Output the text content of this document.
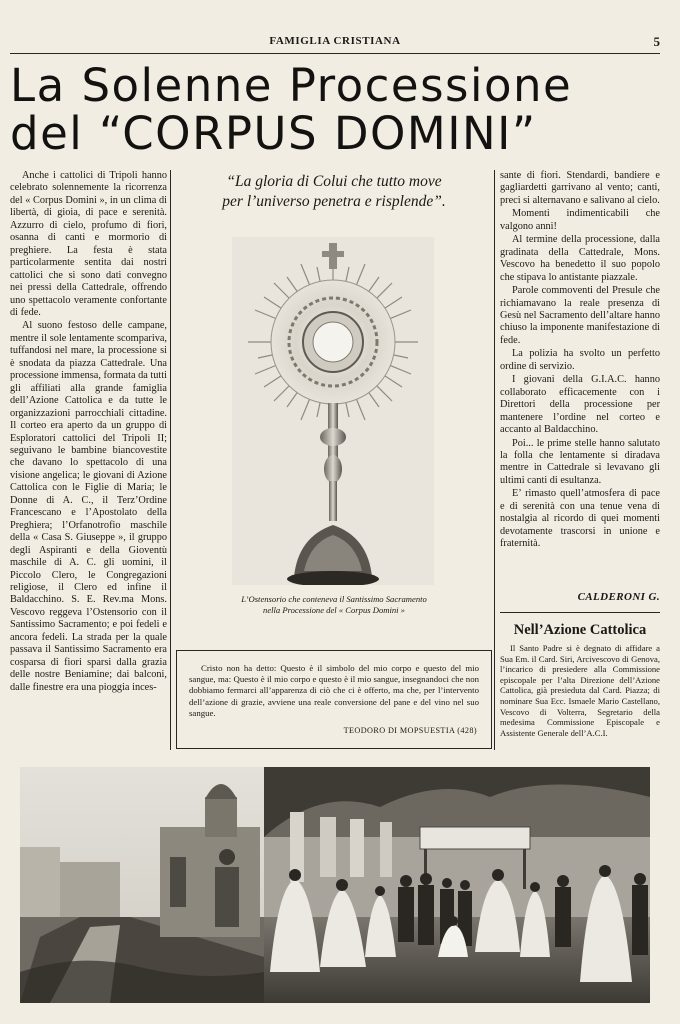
FAMIGLIA CRISTIANA	5
La Solenne Processione
del “CORPUS DOMINI”

Anche i cattolici di Tripoli hanno celebrato solennemente la ricorrenza del « Corpus Domini », in un clima di libertà, di gioia, di pace e serenità. Azzurro di cielo, profumo di fiori, osanna di canti e mormorio di preghiere. La festa è stata particolarmente sentita dai nostri cattolici che si sono dati convegno nei pressi della Cattedrale, offrendo uno spettacolo veramente confortante di fede.

Al suono festoso delle campane, mentre il sole lentamente scompariva, tuffandosi nel mare, la processione si è snodata da piazza Cattedrale. Una processione immensa, formata da tutti gli affiliati alla grande famiglia dell’Azione Cattolica e da tutte le organizzazioni parrocchiali cittadine. Il corteo era aperto da un gruppo di Esploratori cattolici del Tripoli II; seguivano le bambine biancovestite che davano lo spettacolo di una visione angelica; le giovani di Azione Cattolica con le Figlie di Maria; le Donne di A. C., il Terz’Ordine Francescano e l’Apostolato della Preghiera; l’Orfanotrofio maschile della « Casa S. Giuseppe », il gruppo degli Aspiranti e della Gioventù maschile di A. C. gli uomini, il Piccolo Clero, le Congregazioni religiose, il Clero ed infine il Baldacchino. S. E. Rev.ma Mons. Vescovo reggeva l’Ostensorio con il Santissimo Sacramento; e poi fedeli e ancora fedeli. La strada per la quale passava il Santissimo Sacramento era cosparsa di fiori sparsi dalla grazia delle nostre Beniamine; dai balconi, dalle finestre era una pioggia inces-

“La gloria di Colui che tutto move
per l’universo penetra e risplende”.
L’Ostensorio che conteneva il Santissimo Sacramento
nella Processione del « Corpus Domini »

Cristo non ha detto: Questo è il simbolo del mio corpo e questo del mio sangue, ma: Questo è il mio corpo e questo è il mio sangue, insegnandoci che non dobbiamo fermarci all’apparenza di ciò che ci è offerto, ma che, per l’intervento dell’azione di grazie, avviene una reale conversione del pane e del vino nel suo sangue.

TEODORO DI MOPSUESTIA (428)

sante di fiori. Stendardi, bandiere e gagliardetti garrivano al vento; canti, preci si alternavano e salivano al cielo.

Momenti indimenticabili che valgono anni!

Al termine della processione, dalla gradinata della Cattedrale, Mons. Vescovo ha benedetto il suo popolo che stipava lo antistante piazzale.

Parole commoventi del Presule che richiamavano la reale presenza di Gesù nel Sacramento dell’altare hanno chiuso la imponente manifestazione di fede.

La polizia ha svolto un perfetto ordine di servizio.

I giovani della G.I.A.C. hanno collaborato efficacemente con i Direttori della processione per mantenere l’ordine nel corteo e accanto al Baldacchino.

Poi... le prime stelle hanno salutato la folla che lentamente si diradava mentre in Cattedrale si levavano gli ultimi canti di esultanza.

E’ rimasto quell’atmosfera di pace e di serenità con una tenue vena di nostalgia al ricordo di quei momenti devotamente trascorsi in unione e fraternità.

CALDERONI G.
Nell’Azione Cattolica

Il Santo Padre si è degnato di affidare a Sua Em. il Card. Siri, Arcivescovo di Genova, l’incarico di presiedere alla Commissione episcopale per l’alta Direzione dell’Azione Cattolica, già presieduta dal Card. Piazza; di nominare Sua Ecc. Ismaele Mario Castellano, Vescovo di Volterra, Segretario della medesima Commissione Episcopale e Assistente Generale dell’A.C.I.
